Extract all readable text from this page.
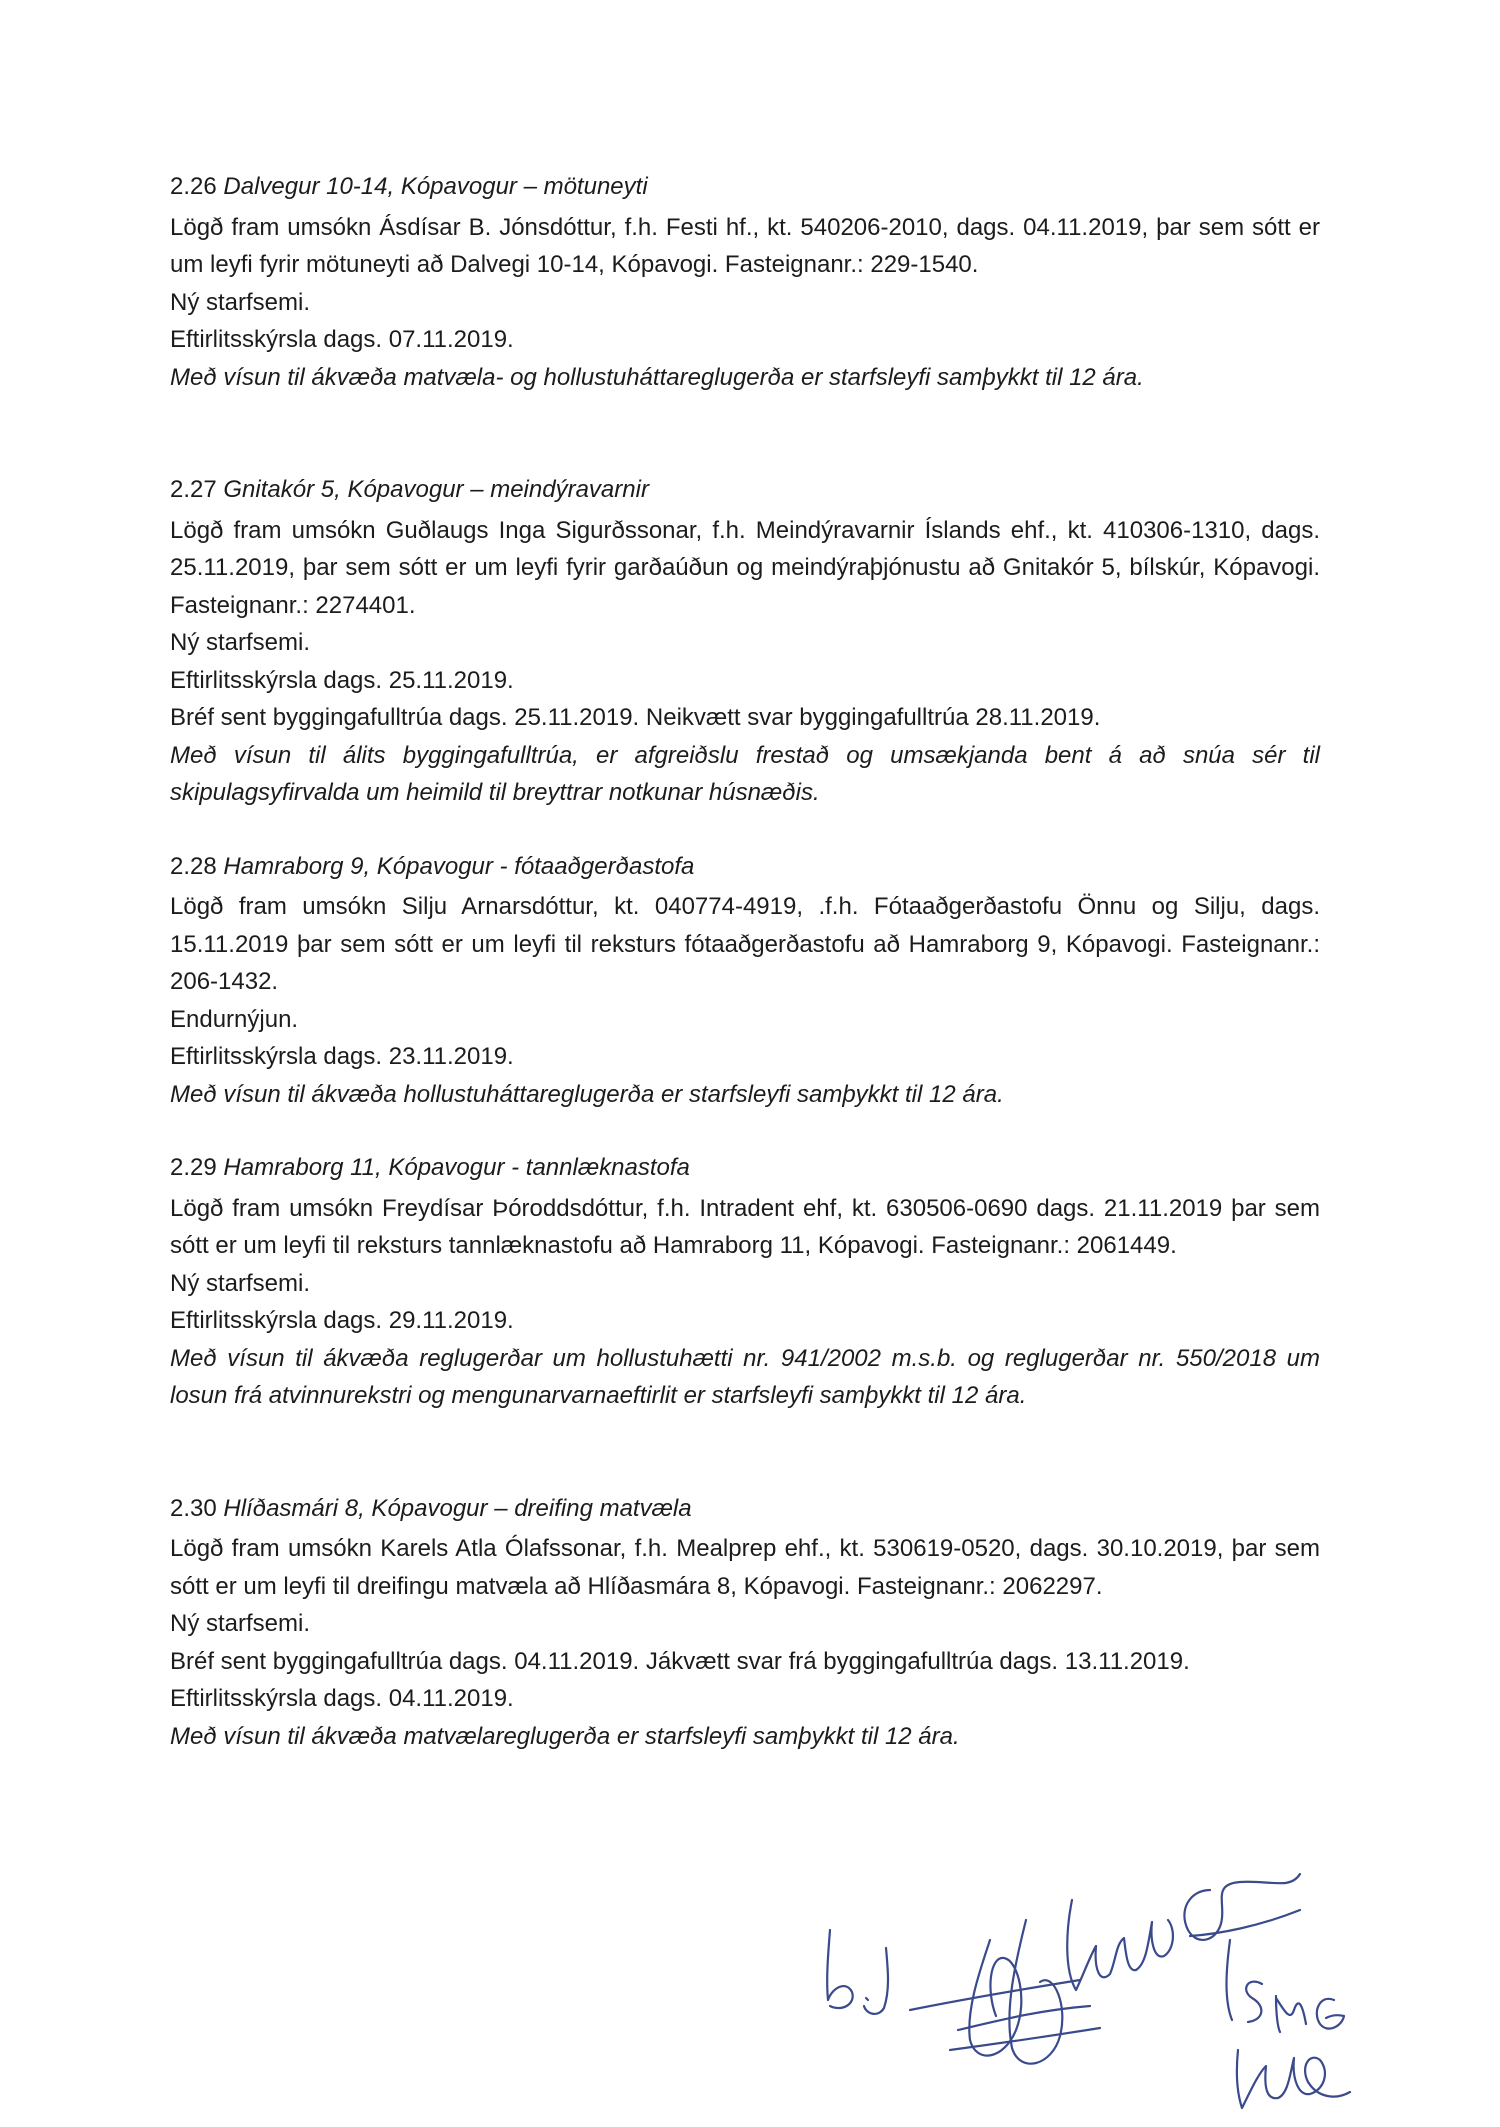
2.26 Dalvegur 10-14, Kópavogur – mötuneyti
Lögð fram umsókn Ásdísar B. Jónsdóttur, f.h. Festi hf., kt. 540206-2010, dags. 04.11.2019, þar sem sótt er um leyfi fyrir mötuneyti að Dalvegi 10-14, Kópavogi. Fasteignanr.: 229-1540.
Ný starfsemi.
Eftirlitsskýrsla dags. 07.11.2019.
Með vísun til ákvæða matvæla- og hollustuháttareglugerða er starfsleyfi samþykkt til 12 ára.
2.27 Gnitakór 5, Kópavogur – meindýravarnir
Lögð fram umsókn Guðlaugs Inga Sigurðssonar, f.h. Meindýravarnir Íslands ehf., kt. 410306-1310, dags. 25.11.2019, þar sem sótt er um leyfi fyrir garðaúðun og meindýraþjónustu að Gnitakór 5, bílskúr, Kópavogi. Fasteignanr.: 2274401.
Ný starfsemi.
Eftirlitsskýrsla dags. 25.11.2019.
Bréf sent byggingafulltrúa dags. 25.11.2019. Neikvætt svar byggingafulltrúa 28.11.2019.
Með vísun til álits byggingafulltrúa, er afgreiðslu frestað og umsækjanda bent á að snúa sér til skipulagsyfirvalda um heimild til breyttrar notkunar húsnæðis.
2.28 Hamraborg 9, Kópavogur - fótaaðgerðastofa
Lögð fram umsókn Silju Arnarsdóttur, kt. 040774-4919, .f.h. Fótaaðgerðastofu Önnu og Silju, dags. 15.11.2019 þar sem sótt er um leyfi til reksturs fótaaðgerðastofu að Hamraborg 9, Kópavogi. Fasteignanr.: 206-1432.
Endurnýjun.
Eftirlitsskýrsla dags. 23.11.2019.
Með vísun til ákvæða hollustuháttareglugerða er starfsleyfi samþykkt til 12 ára.
2.29 Hamraborg 11, Kópavogur - tannlæknastofa
Lögð fram umsókn Freydísar Þóroddsdóttur, f.h. Intradent ehf, kt. 630506-0690 dags. 21.11.2019 þar sem sótt er um leyfi til reksturs tannlæknastofu að Hamraborg 11, Kópavogi. Fasteignanr.: 2061449.
Ný starfsemi.
Eftirlitsskýrsla dags. 29.11.2019.
Með vísun til ákvæða reglugerðar um hollustuhætti nr. 941/2002 m.s.b. og reglugerðar nr. 550/2018 um losun frá atvinnurekstri og mengunarvarnaeftirlit er starfsleyfi samþykkt til 12 ára.
2.30 Hlíðasmári 8, Kópavogur – dreifing matvæla
Lögð fram umsókn Karels Atla Ólafssonar, f.h. Mealprep ehf., kt. 530619-0520, dags. 30.10.2019, þar sem sótt er um leyfi til dreifingu matvæla að Hlíðasmára 8, Kópavogi. Fasteignanr.: 2062297.
Ný starfsemi.
Bréf sent byggingafulltrúa dags. 04.11.2019. Jákvætt svar frá byggingafulltrúa dags. 13.11.2019.
Eftirlitsskýrsla dags. 04.11.2019.
Með vísun til ákvæða matvælareglugerða er starfsleyfi samþykkt til 12 ára.
